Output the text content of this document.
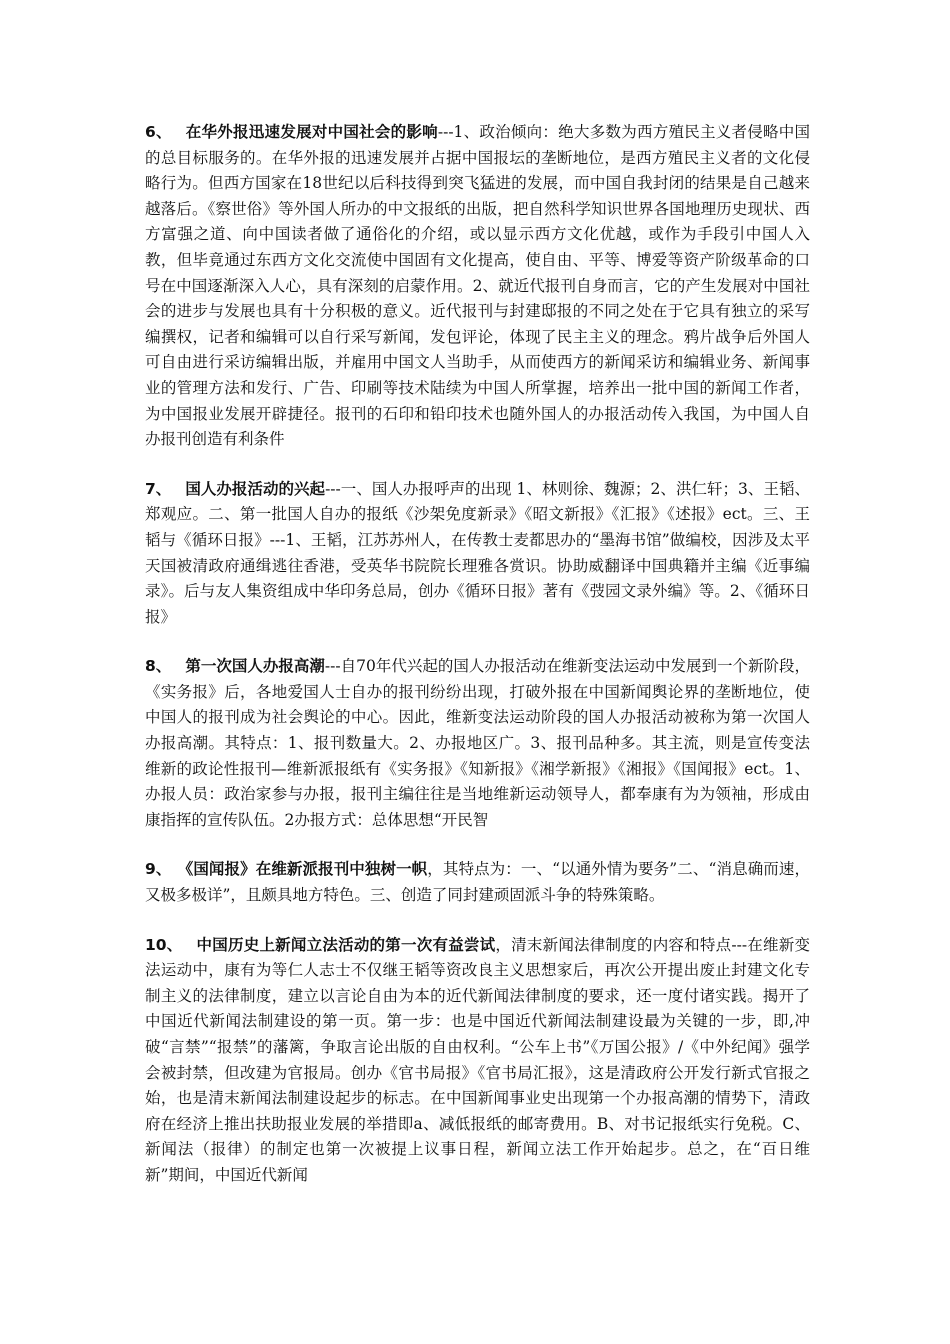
6、 在华外报迅速发展对中国社会的影响---1、政治倾向：绝大多数为西方殖民主义者侵略中国的总目标服务的。在华外报的迅速发展并占据中国报坛的垄断地位，是西方殖民主义者的文化侵略行为。但西方国家在18世纪以后科技得到突飞猛进的发展，而中国自我封闭的结果是自己越来越落后。《察世俗》等外国人所办的中文报纸的出版，把自然科学知识世界各国地理历史现状、西方富强之道、向中国读者做了通俗化的介绍，或以显示西方文化优越，或作为手段引中国人入教，但毕竟通过东西方文化交流使中国固有文化提高，使自由、平等、博爱等资产阶级革命的口号在中国逐渐深入人心，具有深刻的启蒙作用。2、就近代报刊自身而言，它的产生发展对中国社会的进步与发展也具有十分积极的意义。近代报刊与封建邸报的不同之处在于它具有独立的采写编撰权，记者和编辑可以自行采写新闻，发包评论，体现了民主主义的理念。鸦片战争后外国人可自由进行采访编辑出版，并雇用中国文人当助手，从而使西方的新闻采访和编辑业务、新闻事业的管理方法和发行、广告、印刷等技术陆续为中国人所掌握，培养出一批中国的新闻工作者，为中国报业发展开辟捷径。报刊的石印和铅印技术也随外国人的办报活动传入我国，为中国人自办报刊创造有利条件

7、 国人办报活动的兴起---一、国人办报呼声的出现 1、林则徐、魏源；2、洪仁轩；3、王韬、郑观应。二、第一批国人自办的报纸《沙架免度新录》《昭文新报》《汇报》《述报》ect。三、王韬与《循环日报》---1、王韬，江苏苏州人，在传教士麦都思办的“墨海书馆”做编校，因涉及太平天国被清政府通缉逃往香港，受英华书院院长理雅各赏识。协助威翻译中国典籍并主编《近事编录》。后与友人集资组成中华印务总局，创办《循环日报》著有《弢园文录外编》等。2、《循环日报》

8、 第一次国人办报高潮---自70年代兴起的国人办报活动在维新变法运动中发展到一个新阶段，《实务报》后，各地爱国人士自办的报刊纷纷出现，打破外报在中国新闻舆论界的垄断地位，使中国人的报刊成为社会舆论的中心。因此，维新变法运动阶段的国人办报活动被称为第一次国人办报高潮。其特点：1、报刊数量大。2、办报地区广。3、报刊品种多。其主流，则是宣传变法维新的政论性报刊—维新派报纸有《实务报》《知新报》《湘学新报》《湘报》《国闻报》ect。1、办报人员：政治家参与办报，报刊主编往往是当地维新运动领导人，都奉康有为为领袖，形成由康指挥的宣传队伍。2办报方式：总体思想“开民智

9、 《国闻报》在维新派报刊中独树一帜，其特点为：一、“以通外情为要务”二、“消息确而速，又极多极详”，且颇具地方特色。三、创造了同封建顽固派斗争的特殊策略。

10、 中国历史上新闻立法活动的第一次有益尝试，清末新闻法律制度的内容和特点---在维新变法运动中，康有为等仁人志士不仅继王韬等资改良主义思想家后，再次公开提出废止封建文化专制主义的法律制度，建立以言论自由为本的近代新闻法律制度的要求，还一度付诸实践。揭开了中国近代新闻法制建设的第一页。第一步：也是中国近代新闻法制建设最为关键的一步，即,冲破“言禁”“报禁”的藩篱，争取言论出版的自由权利。“公车上书”《万国公报》/《中外纪闻》强学会被封禁，但改建为官报局。创办《官书局报》《官书局汇报》，这是清政府公开发行新式官报之始，也是清末新闻法制建设起步的标志。在中国新闻事业史出现第一个办报高潮的情势下，清政府在经济上推出扶助报业发展的举措即a、减低报纸的邮寄费用。B、对书记报纸实行免税。C、新闻法（报律）的制定也第一次被提上议事日程，新闻立法工作开始起步。总之，在“百日维新”期间，中国近代新闻
